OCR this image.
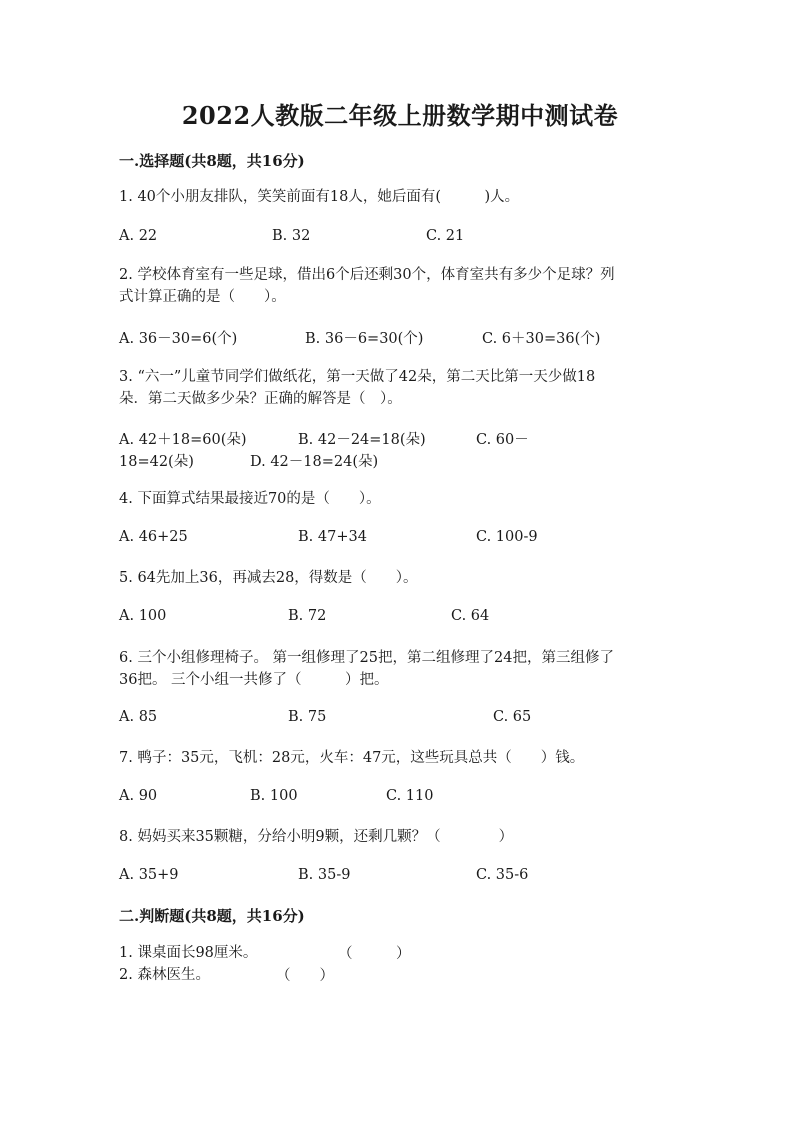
2022人教版二年级上册数学期中测试卷
一.选择题(共8题，共16分)
1. 40个小朋友排队，笑笑前面有18人，她后面有(　　　)人。
A. 22	B. 32	C. 21
2. 学校体育室有一些足球，借出6个后还剩30个，体育室共有多少个足球？列
式计算正确的是（　　）。
A. 36－30=6(个)	B. 36－6=30(个)	C. 6＋30=36(个)
3. “六一”儿童节同学们做纸花，第一天做了42朵，第二天比第一天少做18
朵．第二天做多少朵？正确的解答是（　）。
A. 42＋18=60(朵)	B. 42－24=18(朵)	C. 60－
18=42(朵)	D. 42－18=24(朵)
4. 下面算式结果最接近70的是（　　）。
A. 46+25	B. 47+34	C. 100-9
5. 64先加上36，再减去28，得数是（　　）。
A. 100	B. 72	C. 64
6. 三个小组修理椅子。 第一组修理了25把，第二组修理了24把，第三组修了
36把。 三个小组一共修了（　　　）把。
A. 85	B. 75	C. 65
7. 鸭子：35元，飞机：28元，火车：47元，这些玩具总共（　　）钱。
A. 90	B. 100	C. 110
8. 妈妈买来35颗糖，分给小明9颗，还剩几颗？（　　　　）
A. 35+9	B. 35-9	C. 35-6
二.判断题(共8题，共16分)
1. 课桌面长98厘米。	（　　　）
2. 森林医生。	（　　）
